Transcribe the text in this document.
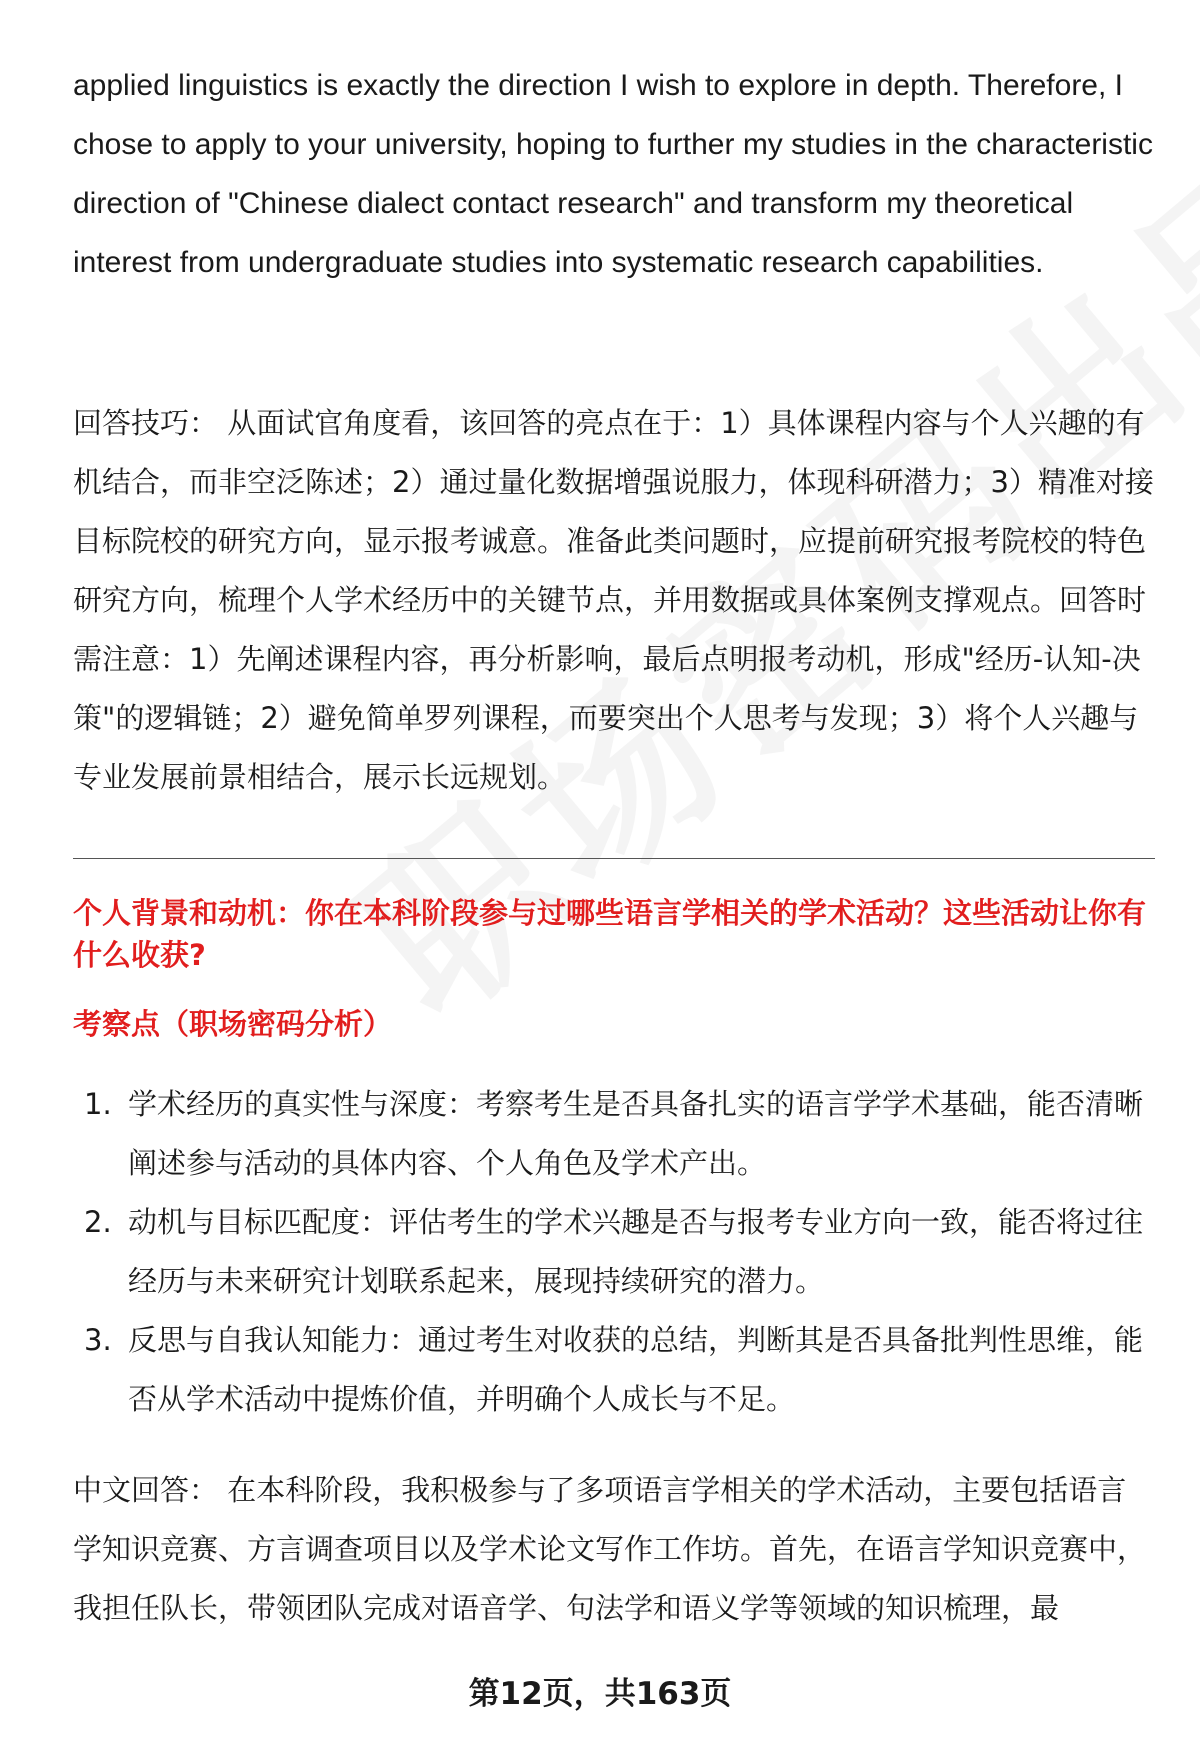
applied linguistics is exactly the direction I wish to explore in depth. Therefore, I chose to apply to your university, hoping to further my studies in the characteristic direction of "Chinese dialect contact research" and transform my theoretical interest from undergraduate studies into systematic research capabilities.

回答技巧： 从面试官角度看，该回答的亮点在于：1）具体课程内容与个人兴趣的有机结合，而非空泛陈述；2）通过量化数据增强说服力，体现科研潜力；3）精准对接目标院校的研究方向，显示报考诚意。准备此类问题时，应提前研究报考院校的特色研究方向，梳理个人学术经历中的关键节点，并用数据或具体案例支撑观点。回答时需注意：1）先阐述课程内容，再分析影响，最后点明报考动机，形成"经历-认知-决策"的逻辑链；2）避免简单罗列课程，而要突出个人思考与发现；3）将个人兴趣与专业发展前景相结合，展示长远规划。

个人背景和动机：你在本科阶段参与过哪些语言学相关的学术活动？这些活动让你有什么收获?

考察点（职场密码分析）

1. 学术经历的真实性与深度：考察考生是否具备扎实的语言学学术基础，能否清晰阐述参与活动的具体内容、个人角色及学术产出。
2. 动机与目标匹配度：评估考生的学术兴趣是否与报考专业方向一致，能否将过往经历与未来研究计划联系起来，展现持续研究的潜力。
3. 反思与自我认知能力：通过考生对收获的总结，判断其是否具备批判性思维，能否从学术活动中提炼价值，并明确个人成长与不足。

中文回答： 在本科阶段，我积极参与了多项语言学相关的学术活动，主要包括语言学知识竞赛、方言调查项目以及学术论文写作工作坊。首先，在语言学知识竞赛中，我担任队长，带领团队完成对语音学、句法学和语义学等领域的知识梳理，最

第12页，共163页
